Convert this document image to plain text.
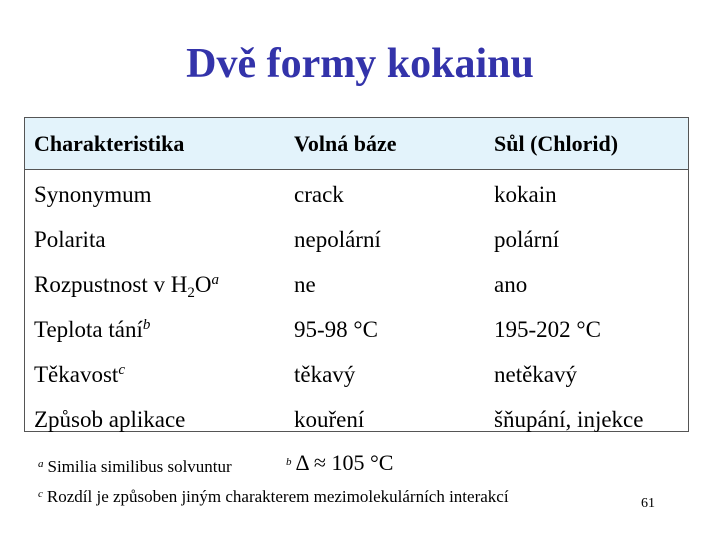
Dvě formy kokainu
Charakteristika	Volná báze	Sůl (Chlorid)
Synonymum	crack	kokain
Polarita	nepolární	polární
Rozpustnost v $H_2O^a$	ne	ano
Teplota tání$^b$	95-98 °C	195-202 °C
Těkavost$^c$	těkavý	netěkavý
Způsob aplikace	kouření	šňupání, injekce
$^a$ Similia similibus solvuntur	$^b$ Δ ≈ 105 °C
$^c$ Rozdíl je způsoben jiným charakterem mezimolekulárních interakcí	61
